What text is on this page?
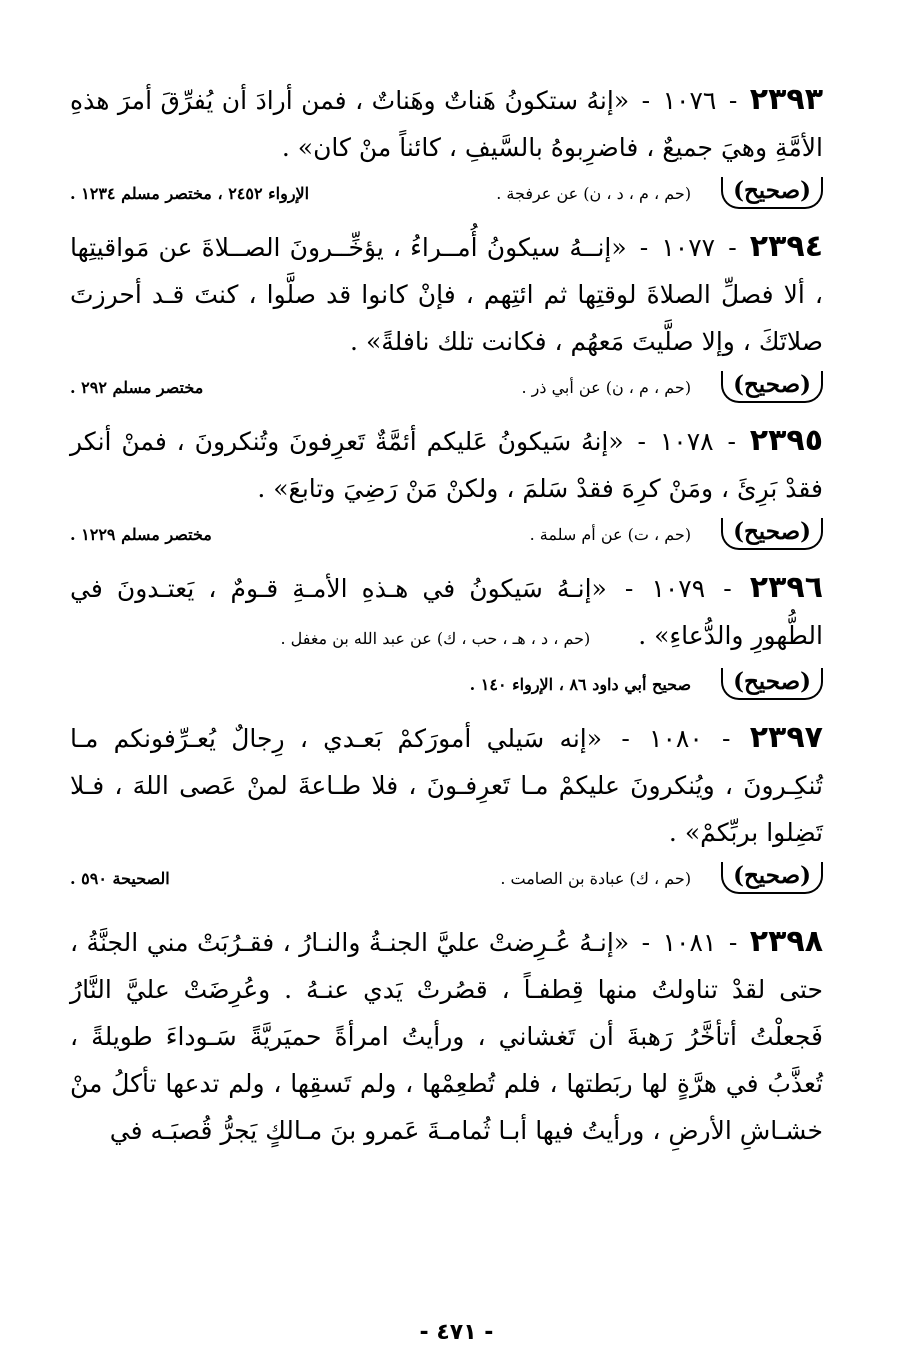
٢٣٩٣ - ١٠٧٦ - «إنهُ ستكونُ هَناتٌ وهَناتٌ ، فمن أرادَ أن يُفرِّقَ أمرَ هذهِ الأمَّةِ وهيَ جميعٌ ، فاضرِبوهُ بالسَّيفِ ، كائناً منْ كان» .

(صحيح)
(حم ، م ، د ، ن) عن عرفجة .
الإرواء ٢٤٥٢ ، مختصر مسلم ١٢٣٤ .

٢٣٩٤ - ١٠٧٧ - «إنــهُ سيكونُ أُمــراءُ ، يؤخِّــرونَ الصــلاةَ عن مَواقيتِها ، ألا فصلِّ الصلاةَ لوقتِها ثم ائتِهم ، فإنْ كانوا قد صلَّوا ، كنتَ قـد أحرزتَ صلاتَكَ ، وإلا صلَّيتَ مَعهُم ، فكانت تلك نافلةً» .

(صحيح)
(حم ، م ، ن) عن أبي ذر .
مختصر مسلم ٢٩٢ .

٢٣٩٥ - ١٠٧٨ - «إنهُ سَيكونُ عَليكم أئمَّةٌ تَعرِفونَ وتُنكرونَ ، فمنْ أنكر فقدْ بَرِئَ ، ومَنْ كرِهَ فقدْ سَلمَ ، ولكنْ مَنْ رَضِيَ وتابعَ» .

(صحيح)
(حم ، ت) عن أم سلمة .
مختصر مسلم ١٢٢٩ .

٢٣٩٦ - ١٠٧٩ - «إنـهُ سَيكونُ في هـذهِ الأمـةِ قـومٌ ، يَعتـدونَ في الطُّهورِ والدُّعاءِ» . (حم ، د ، هـ ، حب ، ك) عن عبد الله بن مغفل .

(صحيح)
صحيح أبي داود ٨٦ ، الإرواء ١٤٠ .

٢٣٩٧ - ١٠٨٠ - «إنه سَيلي أمورَكمْ بَعـدي ، رِجالٌ يُعـرِّفونكم مـا تُنكِـرونَ ، ويُنكرونَ عليكمْ مـا تَعرِفـونَ ، فلا طـاعةَ لمنْ عَصى اللهَ ، فـلا تَضِلوا بربِّكمْ» .

(صحيح)
(حم ، ك) عبادة بن الصامت .
الصحيحة ٥٩٠ .

٢٣٩٨ - ١٠٨١ - «إنـهُ عُـرِضتْ عليَّ الجنـةُ والنـارُ ، فقـرُبَتْ مني الجنَّةُ ، حتى لقدْ تناولتُ منها قِطفـاً ، قصُرتْ يَدي عنـهُ . وعُرِضَتْ عليَّ النَّارُ فَجعلْتُ أتأخَّرُ رَهبةَ أن تَغشاني ، ورأيتُ امرأةً حميَريَّةً سَـوداءَ طويلةً ، تُعذَّبُ في هرَّةٍ لها ربَطتها ، فلم تُطعِمْها ، ولم تَسقِها ، ولم تدعها تأكلُ منْ خشـاشِ الأرضِ ، ورأيتُ فيها أبـا ثُمامـةَ عَمرو بنَ مـالكٍ يَجرُّ قُصبَـه في

- ٤٧١ -
